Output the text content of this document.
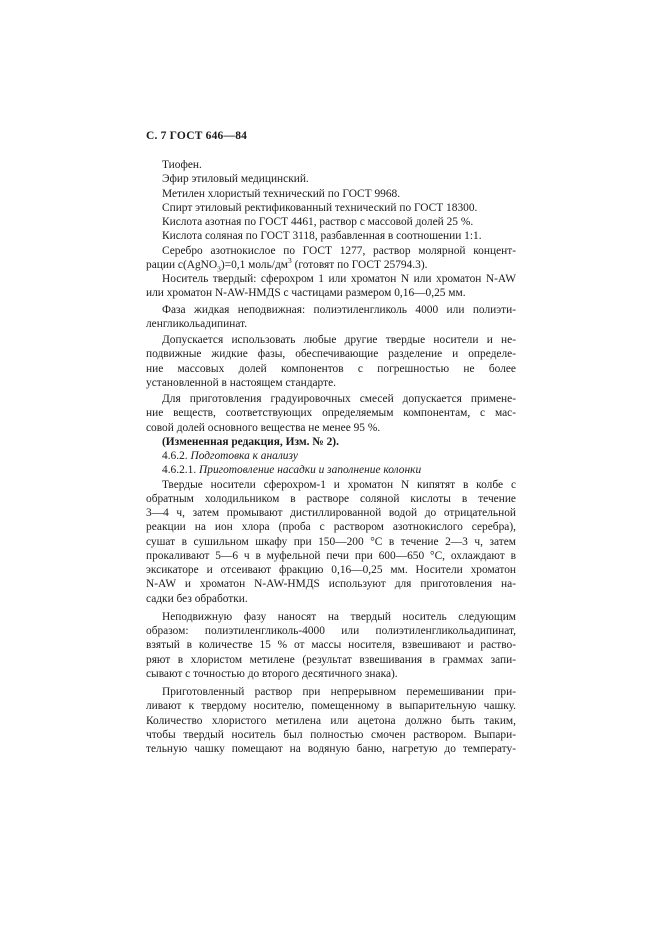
С. 7 ГОСТ 646—84
Тиофен.
Эфир этиловый медицинский.
Метилен хлористый технический по ГОСТ 9968.
Спирт этиловый ректификованный технический по ГОСТ 18300.
Кислота азотная по ГОСТ 4461, раствор с массовой долей 25 %.
Кислота соляная по ГОСТ 3118, разбавленная в соотношении 1:1.
Серебро азотнокислое по ГОСТ 1277, раствор молярной концент-
рации c(AgNO$_3$)=0,1 моль/$дм^3$ (готовят по ГОСТ 25794.3).
Носитель твердый: сферохром 1 или хроматон N или хроматон N-AW
или хроматон N-AW-HMДS с частицами размером 0,16—0,25 мм.
Фаза жидкая неподвижная: полиэтиленгликоль 4000 или полиэти-
ленгликольадипинат.
Допускается использовать любые другие твердые носители и не-
подвижные жидкие фазы, обеспечивающие разделение и определе-
ние массовых долей компонентов с погрешностью не более
установленной в настоящем стандарте.
Для приготовления градуировочных смесей допускается примене-
ние веществ, соответствующих определяемым компонентам, с мас-
совой долей основного вещества не менее 95 %.
(Измененная редакция, Изм. № 2).
4.6.2. Подготовка к анализу
4.6.2.1. Приготовление насадки и заполнение колонки
Твердые носители сферохром-1 и хроматон N кипятят в колбе с
обратным холодильником в растворе соляной кислоты в течение
3—4 ч, затем промывают дистиллированной водой до отрицательной
реакции на ион хлора (проба с раствором азотнокислого серебра),
сушат в сушильном шкафу при 150—200 °С в течение 2—3 ч, затем
прокаливают 5—6 ч в муфельной печи при 600—650 °С, охлаждают в
эксикаторе и отсеивают фракцию 0,16—0,25 мм. Носители хроматон
N-AW и хроматон N-AW-HMДS используют для приготовления на-
садки без обработки.
Неподвижную фазу наносят на твердый носитель следующим
образом: полиэтиленгликоль-4000 или полиэтиленгликольадипинат,
взятый в количестве 15 % от массы носителя, взвешивают и раство-
ряют в хлористом метилене (результат взвешивания в граммах запи-
сывают с точностью до второго десятичного знака).
Приготовленный раствор при непрерывном перемешивании при-
ливают к твердому носителю, помещенному в выпарительную чашку.
Количество хлористого метилена или ацетона должно быть таким,
чтобы твердый носитель был полностью смочен раствором. Выпари-
тельную чашку помещают на водяную баню, нагретую до температу-
